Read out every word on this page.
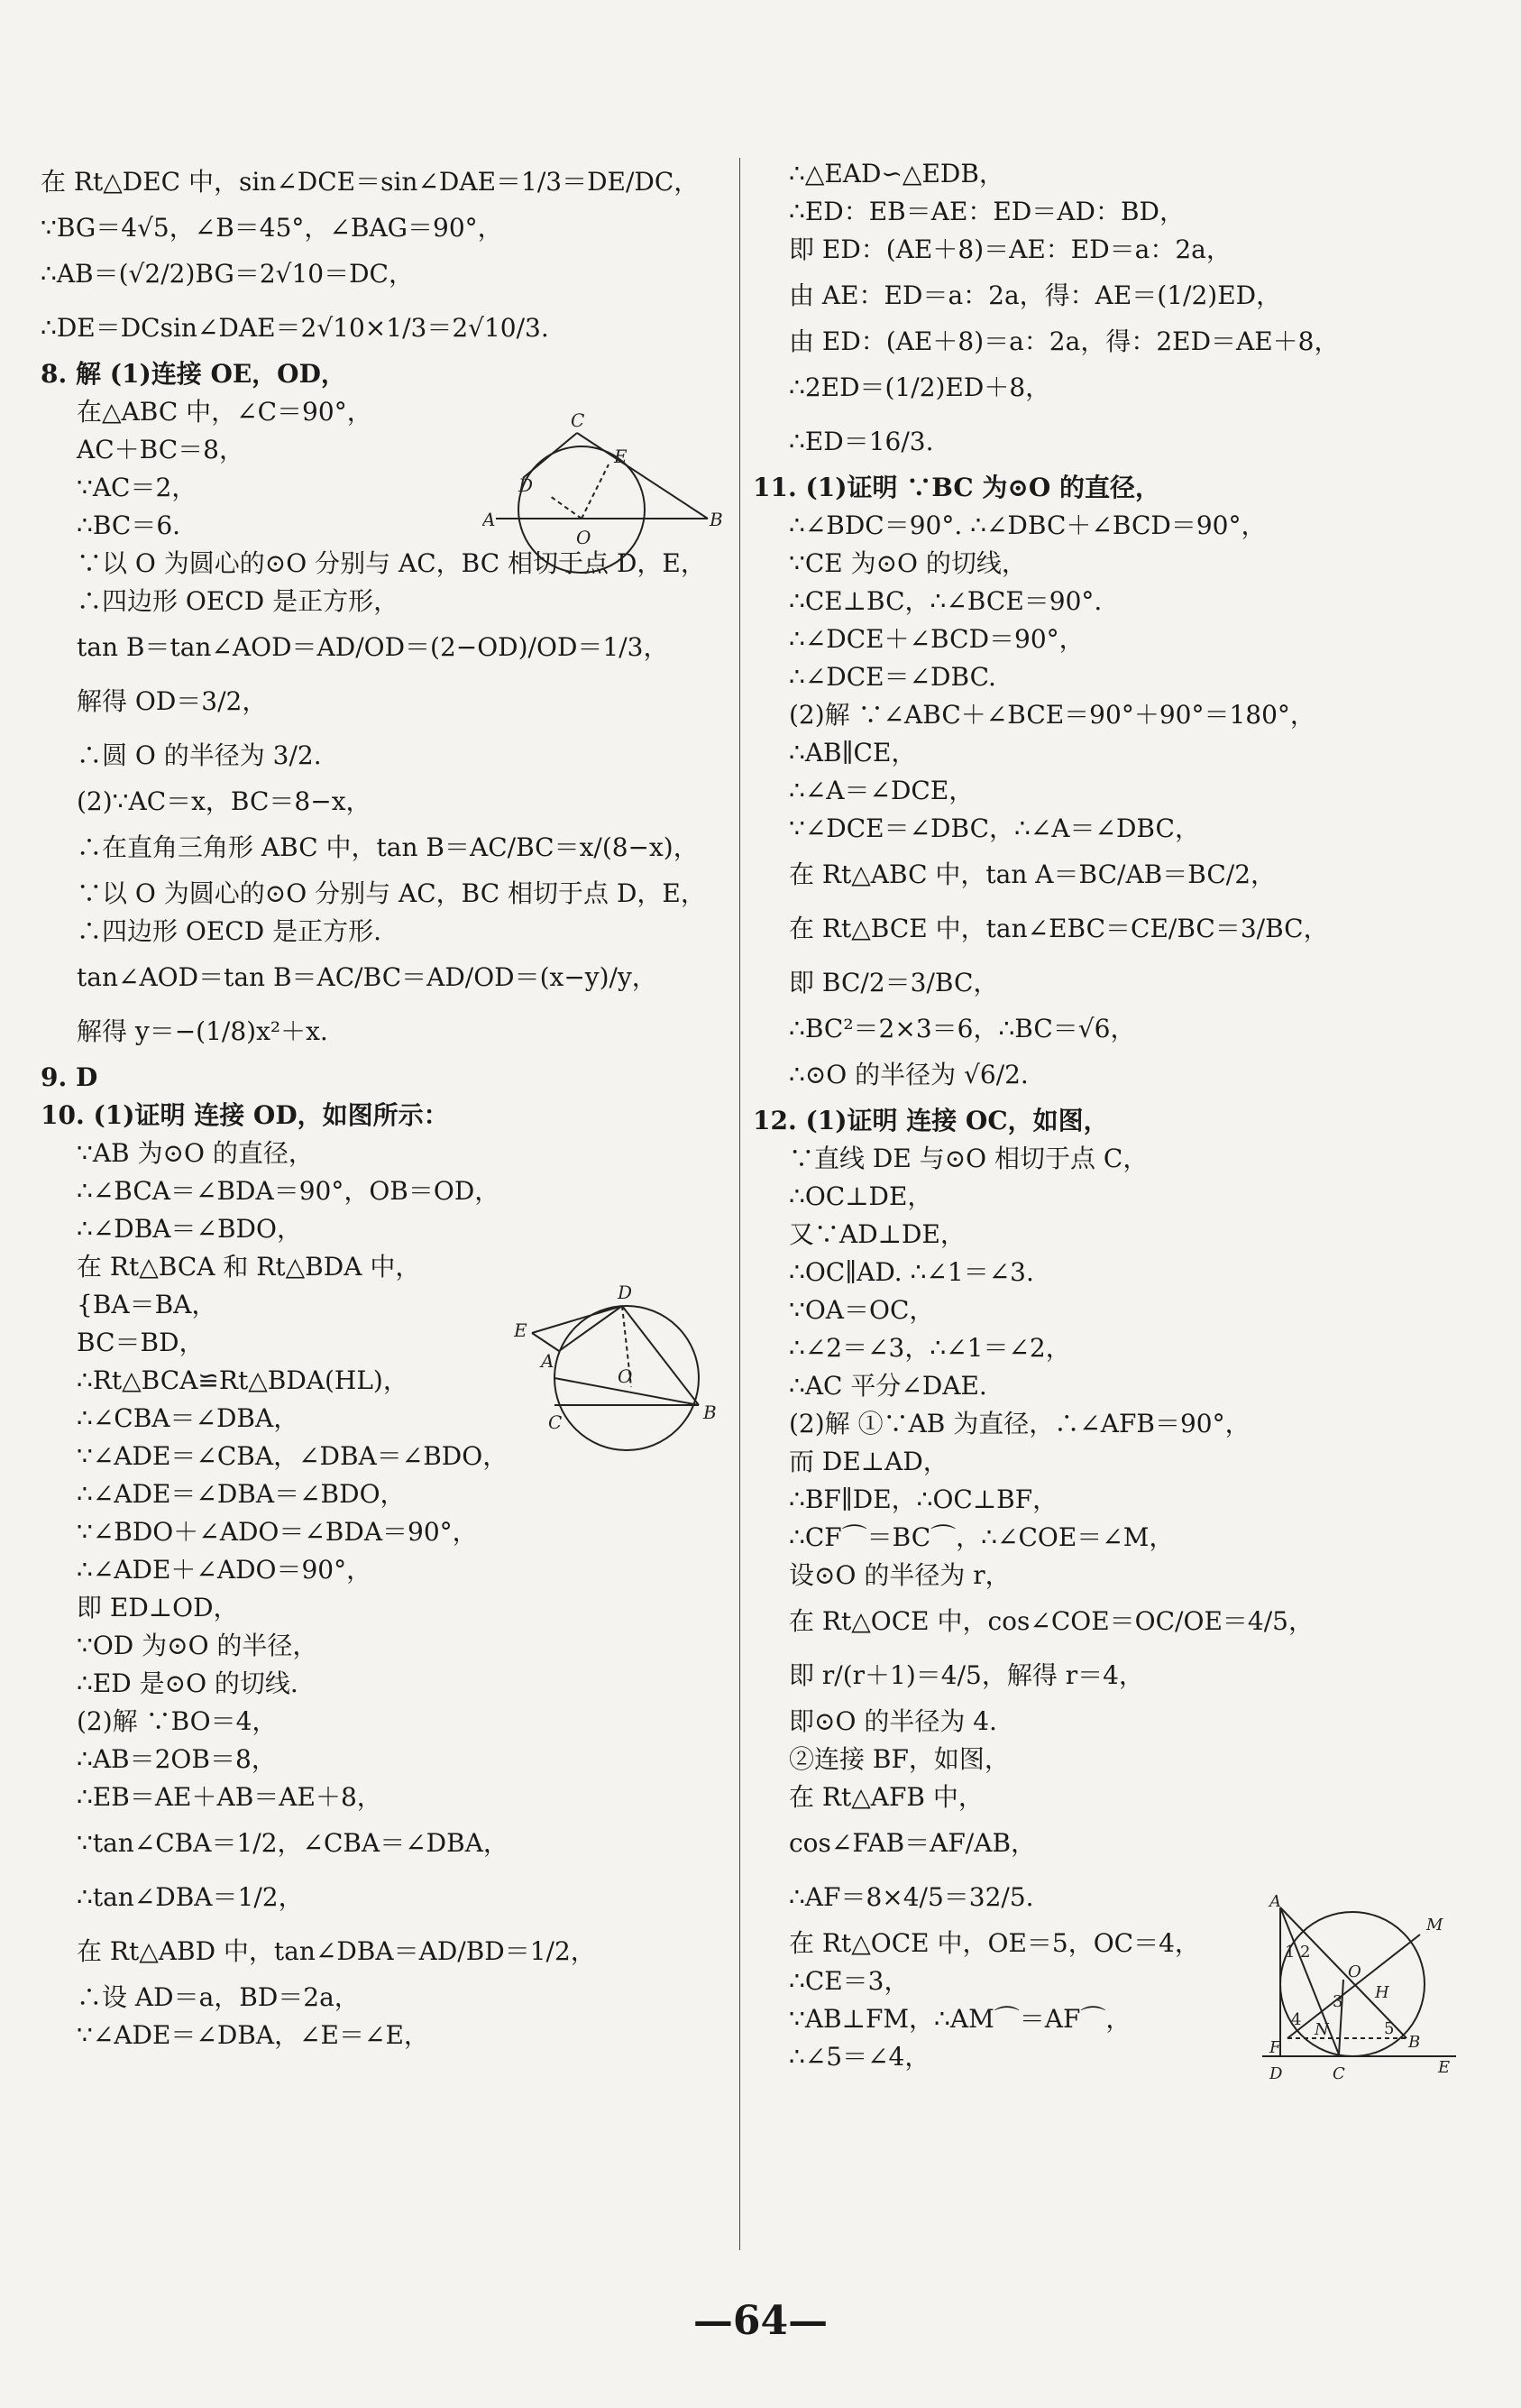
在 Rt△DEC 中，sin∠DCE＝sin∠DAE＝1/3＝DE/DC，
∵BG＝4√5，∠B＝45°，∠BAG＝90°，
∴AB＝(√2/2)BG＝2√10＝DC，
∴DE＝DCsin∠DAE＝2√10×1/3＝2√10/3.
8. 解 (1)连接 OE，OD，
在△ABC 中，∠C＝90°，
AC＋BC＝8，
∵AC＝2，
∴BC＝6.
∵以 O 为圆心的⊙O 分别与 AC，BC 相切于点 D，E，
∴四边形 OECD 是正方形，
tan B＝tan∠AOD＝AD/OD＝(2−OD)/OD＝1/3，
解得 OD＝3/2，
∴圆 O 的半径为 3/2.
(2)∵AC＝x，BC＝8−x，
∴在直角三角形 ABC 中，tan B＝AC/BC＝x/(8−x)，
∵以 O 为圆心的⊙O 分别与 AC，BC 相切于点 D，E，
∴四边形 OECD 是正方形.
tan∠AOD＝tan B＝AC/BC＝AD/OD＝(x−y)/y，
解得 y＝−(1/8)x²＋x.
9. D
10. (1)证明 连接 OD，如图所示：
∵AB 为⊙O 的直径，
∴∠BCA＝∠BDA＝90°，OB＝OD，
∴∠DBA＝∠BDO，
在 Rt△BCA 和 Rt△BDA 中，
{BA＝BA，
BC＝BD，
∴Rt△BCA≌Rt△BDA(HL)，
∴∠CBA＝∠DBA，
∵∠ADE＝∠CBA，∠DBA＝∠BDO，
∴∠ADE＝∠DBA＝∠BDO，
∵∠BDO＋∠ADO＝∠BDA＝90°，
∴∠ADE＋∠ADO＝90°，
即 ED⊥OD，
∵OD 为⊙O 的半径，
∴ED 是⊙O 的切线.
(2)解 ∵BO＝4，
∴AB＝2OB＝8，
∴EB＝AE＋AB＝AE＋8，
∵tan∠CBA＝1/2，∠CBA＝∠DBA，
∴tan∠DBA＝1/2，
在 Rt△ABD 中，tan∠DBA＝AD/BD＝1/2，
∴设 AD＝a，BD＝2a，
∵∠ADE＝∠DBA，∠E＝∠E，
∴△EAD∽△EDB，
∴ED：EB＝AE：ED＝AD：BD，
即 ED：(AE＋8)＝AE：ED＝a：2a，
由 AE：ED＝a：2a，得：AE＝(1/2)ED，
由 ED：(AE＋8)＝a：2a，得：2ED＝AE＋8，
∴2ED＝(1/2)ED＋8，
∴ED＝16/3.
11. (1)证明 ∵BC 为⊙O 的直径，
∴∠BDC＝90°. ∴∠DBC＋∠BCD＝90°，
∵CE 为⊙O 的切线，
∴CE⊥BC，∴∠BCE＝90°.
∴∠DCE＋∠BCD＝90°，
∴∠DCE＝∠DBC.
(2)解 ∵∠ABC＋∠BCE＝90°＋90°＝180°，
∴AB∥CE，
∴∠A＝∠DCE，
∵∠DCE＝∠DBC，∴∠A＝∠DBC，
在 Rt△ABC 中，tan A＝BC/AB＝BC/2，
在 Rt△BCE 中，tan∠EBC＝CE/BC＝3/BC，
即 BC/2＝3/BC，
∴BC²＝2×3＝6，∴BC＝√6，
∴⊙O 的半径为 √6/2.
12. (1)证明 连接 OC，如图，
∵直线 DE 与⊙O 相切于点 C，
∴OC⊥DE，
又∵AD⊥DE，
∴OC∥AD. ∴∠1＝∠3.
∵OA＝OC，
∴∠2＝∠3，∴∠1＝∠2，
∴AC 平分∠DAE.
(2)解 ①∵AB 为直径，∴∠AFB＝90°，
而 DE⊥AD，
∴BF∥DE，∴OC⊥BF，
∴CF⌒＝BC⌒，∴∠COE＝∠M，
设⊙O 的半径为 r，
在 Rt△OCE 中，cos∠COE＝OC/OE＝4/5，
即 r/(r＋1)＝4/5，解得 r＝4，
即⊙O 的半径为 4.
②连接 BF，如图，
在 Rt△AFB 中，
cos∠FAB＝AF/AB，
∴AF＝8×4/5＝32/5.
在 Rt△OCE 中，OE＝5，OC＝4，
∴CE＝3，
∵AB⊥FM，∴AM⌒＝AF⌒，
∴∠5＝∠4，
C
E
D
A
O
B
D
E
A
O
C	B
A
M
1 2
O
H
3
4
N	5
F	B
D	C	E
—64—
